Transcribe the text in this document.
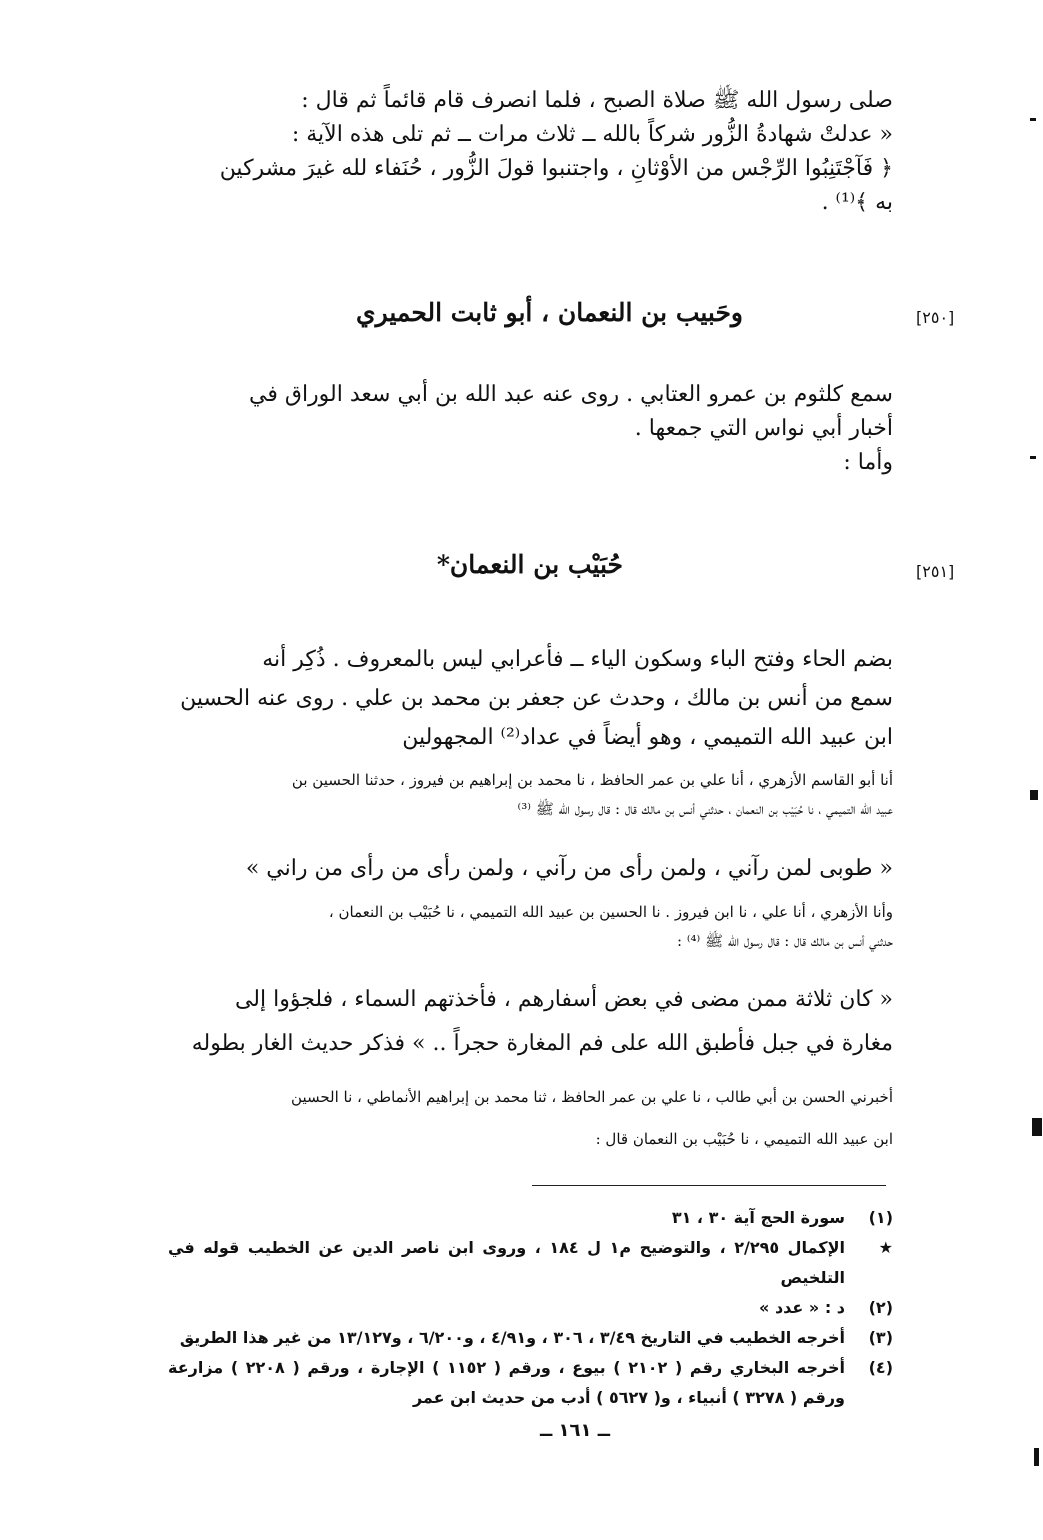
صلى رسول الله ﷺ صلاة الصبح ، فلما انصرف قام قائماً ثم قال :

« عدلتْ شهادةُ الزُّور شركاً بالله ــ ثلاث مرات ــ ثم تلى هذه الآية :

﴿ فَآجْتَنِبُوا الرِّجْس من الأوْثانِ ، واجتنبوا قولَ الزُّور ، حُنَفاء لله غيرَ مشركين

به ﴾⁽¹⁾ .

[٢٥٠]
وحَبيب بن النعمان ، أبو ثابت الحميري

سمع كلثوم بن عمرو العتابي . روى عنه عبد الله بن أبي سعد الوراق في

أخبار أبي نواس التي جمعها .

وأما :

[٢٥١]
حُبَيْب بن النعمان*

بضم الحاء وفتح الباء وسكون الياء ــ فأعرابي ليس بالمعروف . ذُكِر أنه

سمع من أنس بن مالك ، وحدث عن جعفر بن محمد بن علي . روى عنه الحسين

ابن عبيد الله التميمي ، وهو أيضاً في عداد⁽²⁾ المجهولين

أنا أبو القاسم الأزهري ، أنا علي بن عمر الحافظ ، نا محمد بن إبراهيم بن فيروز ، حدثنا الحسين بن

عبيد الله التميمي ، نا حُبَيْب بن النعمان ، حدثني أنس بن مالك قال : قال رسول الله ﷺ ⁽³⁾

« طوبى لمن رآني ، ولمن رأى من رآني ، ولمن رأى من رأى من راني »

وأنا الأزهري ، أنا علي ، نا ابن فيروز . نا الحسين بن عبيد الله التميمي ، نا حُبَيْب بن النعمان ،

حدثني أنس بن مالك قال : قال رسول الله ﷺ ⁽⁴⁾ :

« كان ثلاثة ممن مضى في بعض أسفارهم ، فأخذتهم السماء ، فلجؤوا إلى

مغارة في جبل فأطبق الله على فم المغارة حجراً .. » فذكر حديث الغار بطوله

أخبرني الحسن بن أبي طالب ، نا علي بن عمر الحافظ ، ثنا محمد بن إبراهيم الأنماطي ، نا الحسين

ابن عبيد الله التميمي ، نا حُبَيْب بن النعمان قال :

(١)
سورة الحج آية ٣٠ ، ٣١
★
الإكمال ٢/٢٩٥ ، والتوضيح م١ ل ١٨٤ ، وروى ابن ناصر الدين عن الخطيب قوله في التلخيص
(٢)
د : « عدد »
(٣)
أخرجه الخطيب في التاريخ ٣/٤٩ ، ٣٠٦ ، و٤/٩١ ، و٦/٢٠٠ ، و١٣/١٢٧ من غير هذا الطريق
(٤)
أخرجه البخاري رقم ( ٢١٠٢ ) بيوع ، ورقم ( ١١٥٢ ) الإجارة ، ورقم ( ٢٢٠٨ ) مزارعة ورقم ( ٣٢٧٨ ) أنبياء ، و( ٥٦٢٧ ) أدب من حديث ابن عمر
ــ ١٦١ ــ
